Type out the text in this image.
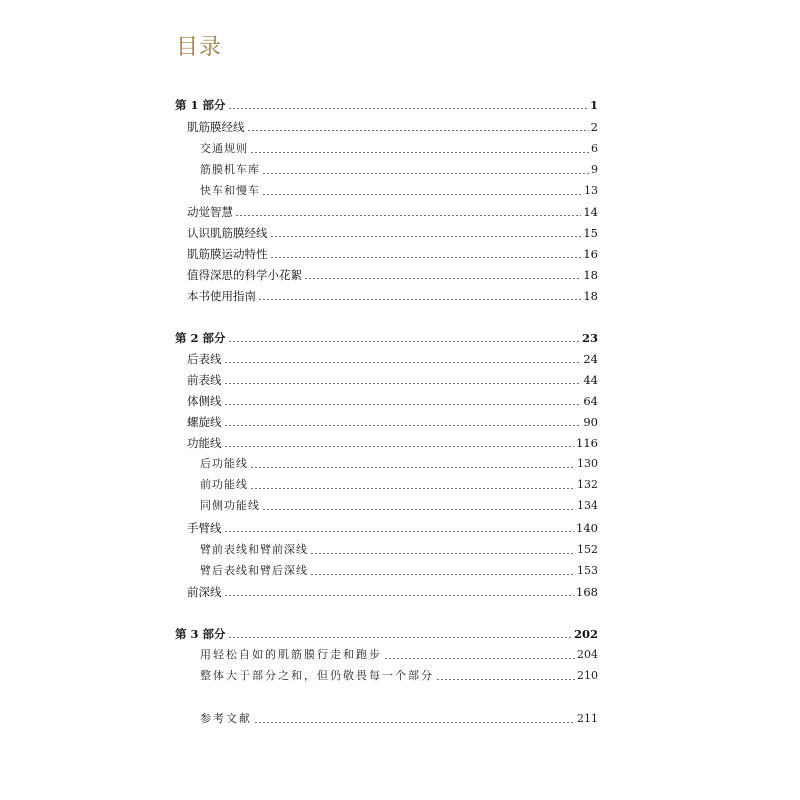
目录
第 1 部分	1
肌筋膜经线	2
交通规则	6
筋膜机车库	9
快车和慢车	13
动觉智慧	14
认识肌筋膜经线	15
肌筋膜运动特性	16
值得深思的科学小花絮	18
本书使用指南	18
第 2 部分	23
后表线	24
前表线	44
体侧线	64
螺旋线	90
功能线	116
后功能线	130
前功能线	132
同侧功能线	134
手臂线	140
臂前表线和臂前深线	152
臂后表线和臂后深线	153
前深线	168
第 3 部分	202
用轻松自如的肌筋膜行走和跑步	204
整体大于部分之和，但仍敬畏每一个部分	210
参考文献	211
